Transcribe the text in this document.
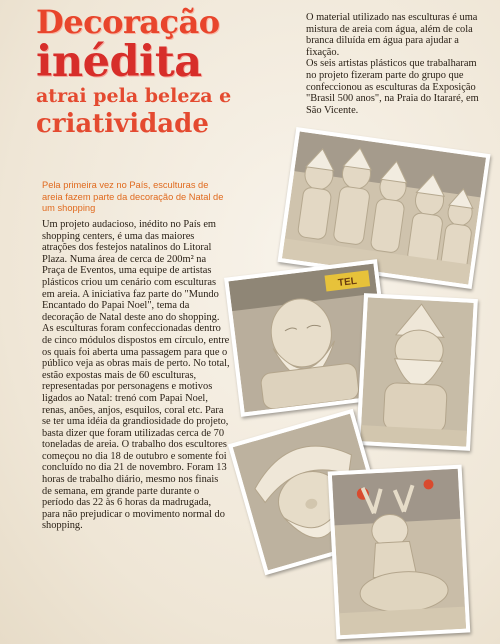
Decoração
inédita
atrai pela beleza e
criatividade
Pela primeira vez no País, esculturas de areia fazem parte da decoração de Natal de um shopping

Um projeto audacioso, inédito no País em shopping centers, é uma das maiores atrações dos festejos natalinos do Litoral Plaza. Numa área de cerca de 200m² na Praça de Eventos, uma equipe de artistas plásticos criou um cenário com esculturas em areia. A iniciativa faz parte do "Mundo Encantado do Papai Noel", tema da decoração de Natal deste ano do shopping.

As esculturas foram confeccionadas dentro de cinco módulos dispostos em círculo, entre os quais foi aberta uma passagem para que o público veja as obras mais de perto. No total, estão expostas mais de 60 esculturas, representadas por personagens e motivos ligados ao Natal: trenó com Papai Noel, renas, anões, anjos, esquilos, coral etc. Para se ter uma idéia da grandiosidade do projeto, basta dizer que foram utilizadas cerca de 70 toneladas de areia. O trabalho dos escultores começou no dia 18 de outubro e somente foi concluído no dia 21 de novembro. Foram 13 horas de trabalho diário, mesmo nos finais de semana, em grande parte durante o período das 22 às 6 horas da madrugada, para não prejudicar o movimento normal do shopping.

O material utilizado nas esculturas é uma mistura de areia com água, além de cola branca diluída em água para ajudar a fixação.

Os seis artistas plásticos que trabalharam no projeto fizeram parte do grupo que confeccionou as esculturas da Exposição "Brasil 500 anos", na Praia do Itararé, em São Vicente.

TEL
